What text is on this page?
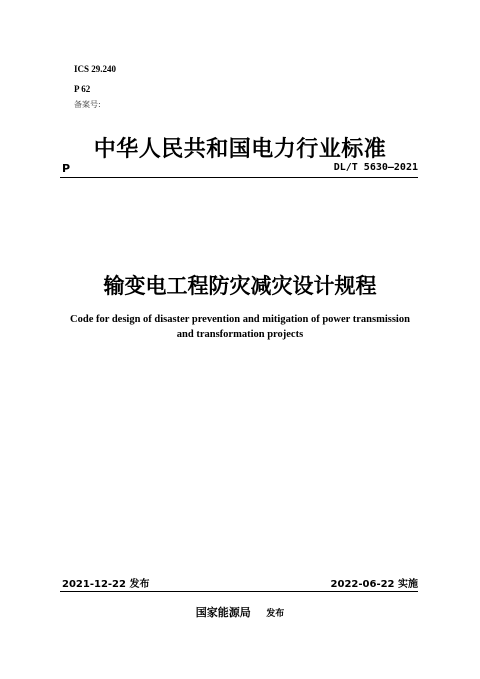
ICS 29.240
P 62
备案号:
中华人民共和国电力行业标准
P	DL/T 5630—2021
输变电工程防灾减灾设计规程
Code for design of disaster prevention and mitigation of power transmission
and transformation projects
2021-12-22 发布	2022-06-22 实施
国家能源局 发布
